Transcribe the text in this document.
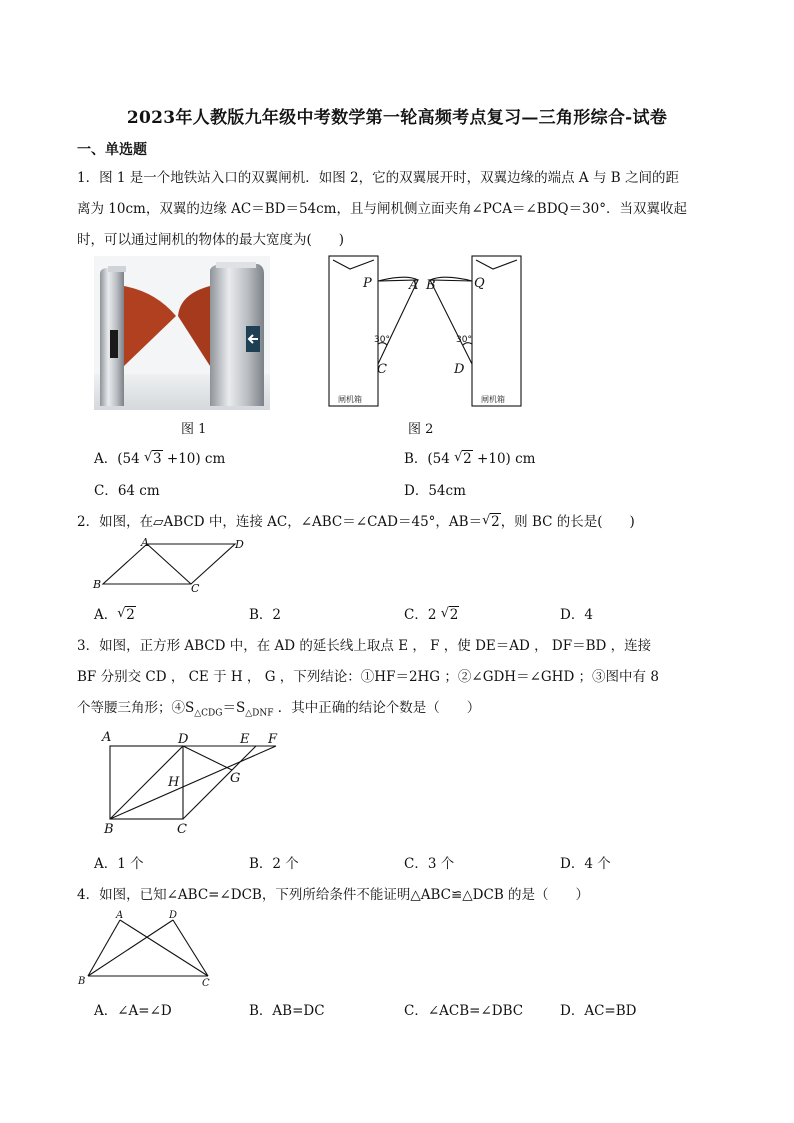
2023年人教版九年级中考数学第一轮高频考点复习—三角形综合-试卷
一、单选题
1．图 1 是一个地铁站入口的双翼闸机．如图 2，它的双翼展开时，双翼边缘的端点 A 与 B 之间的距
离为 10cm，双翼的边缘 AC＝BD＝54cm，且与闸机侧立面夹角∠PCA＝∠BDQ＝30°．当双翼收起
时，可以通过闸机的物体的最大宽度为(　　)
图 1
P	A B	Q
C	D
30°	30°
闸机箱	闸机箱
图 2
A．(54 √ 3 +10) cm	B．(54 √ 2 +10) cm
C．64 cm	D．54cm
2．如图，在▱ABCD 中，连接 AC，∠ABC＝∠CAD＝45°，AB＝ √ 2，则 BC 的长是(　　)
A	D
B	C
A． √ 2	B．2	C．2 √ 2	D．4
3．如图，正方形 ABCD 中，在 AD 的延长线上取点 E ， F ，使 DE＝AD ， DF＝BD ，连接
BF 分别交 CD ， CE 于 H ， G ，下列结论：①HF＝2HG ；②∠GDH＝∠GHD ；③图中有 8
个等腰三角形；$④S_{\triangle CDG}=S_{\triangle DNF}$ ．其中正确的结论个数是（　　）
A	D	E F
H	G
B	C
A．1 个	B．2 个	C．3 个	D．4 个
4．如图，已知∠ABC=∠DCB，下列所给条件不能证明△ABC≌△DCB 的是（　　）
A	D
B	C
A．∠A=∠D	B．AB=DC	C．∠ACB=∠DBC	D．AC=BD
